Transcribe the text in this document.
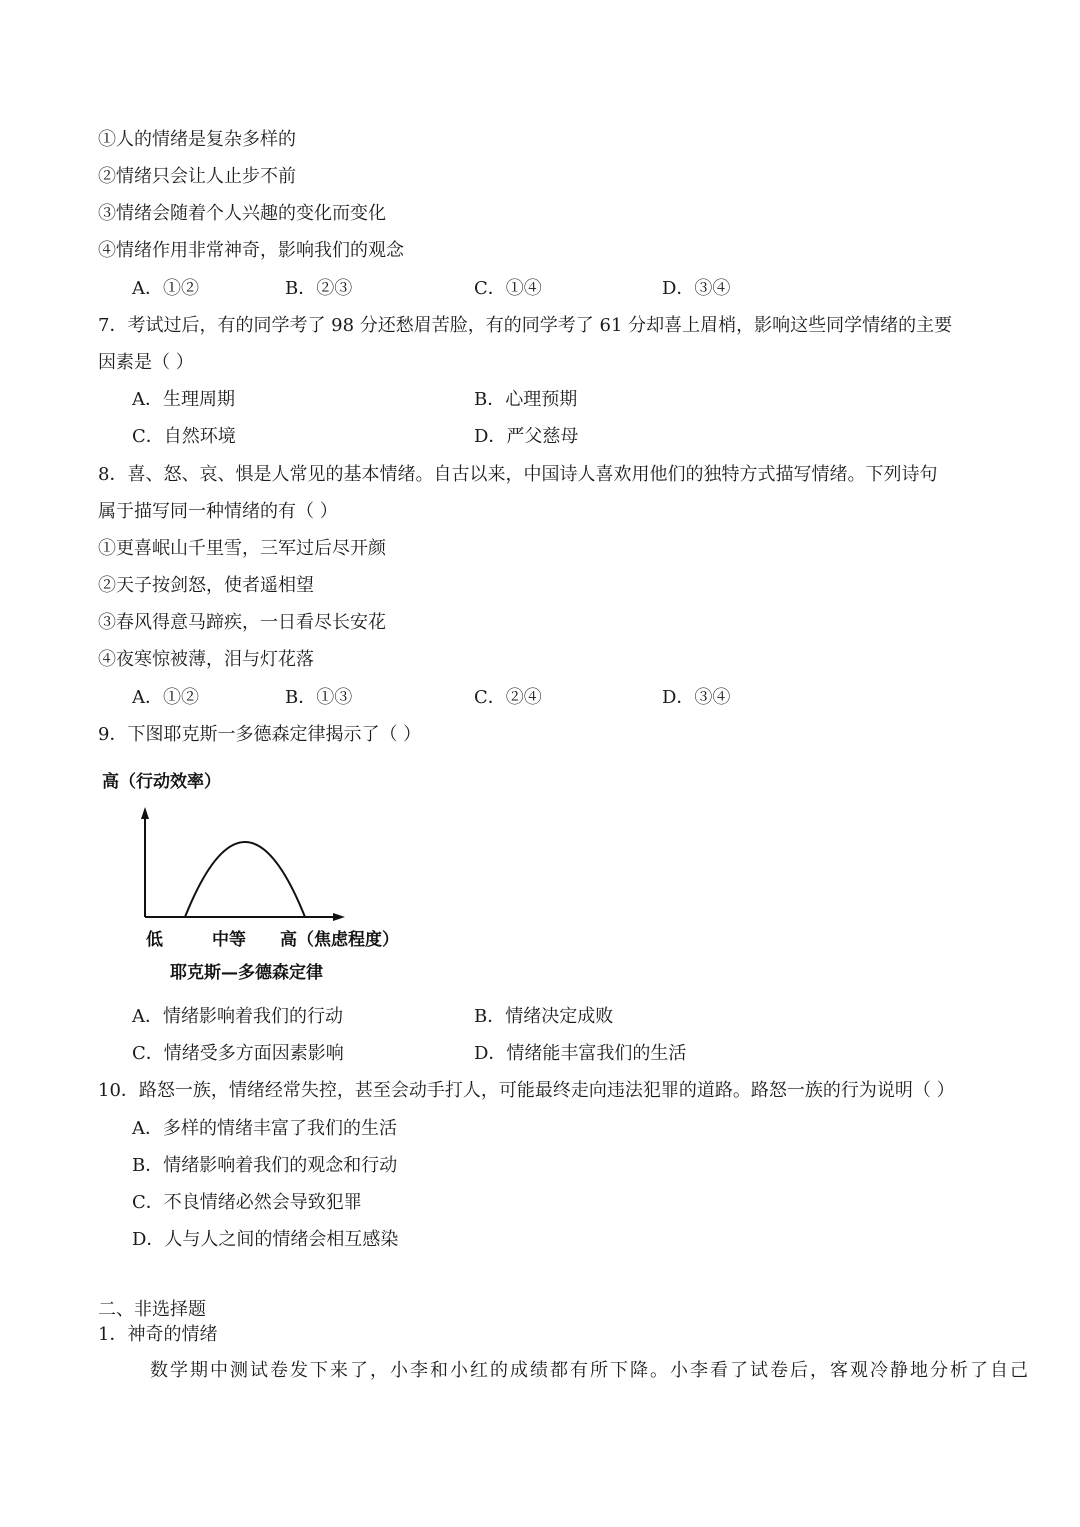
①人的情绪是复杂多样的
②情绪只会让人止步不前
③情绪会随着个人兴趣的变化而变化
④情绪作用非常神奇，影响我们的观念
A．①②	B．②③	C．①④	D．③④
7．考试过后，有的同学考了 98 分还愁眉苦脸，有的同学考了 61 分却喜上眉梢，影响这些同学情绪的主要
因素是（ ）
A．生理周期	B．心理预期
C．自然环境	D．严父慈母
8．喜、怒、哀、惧是人常见的基本情绪。自古以来，中国诗人喜欢用他们的独特方式描写情绪。下列诗句
属于描写同一种情绪的有（ ）
①更喜岷山千里雪，三军过后尽开颜
②天子按剑怒，使者遥相望
③春风得意马蹄疾，一日看尽长安花
④夜寒惊被薄，泪与灯花落
A．①②	B．①③	C．②④	D．③④
9．下图耶克斯一多德森定律揭示了（ ）
高（行动效率）
低	中等 高（焦虑程度）
耶克斯—多德森定律
A．情绪影响着我们的行动	B．情绪决定成败
C．情绪受多方面因素影响	D．情绪能丰富我们的生活
10．路怒一族，情绪经常失控，甚至会动手打人，可能最终走向违法犯罪的道路。路怒一族的行为说明（ ）
A．多样的情绪丰富了我们的生活
B．情绪影响着我们的观念和行动
C．不良情绪必然会导致犯罪
D．人与人之间的情绪会相互感染
二、非选择题
1．神奇的情绪
数学期中测试卷发下来了，小李和小红的成绩都有所下降。小李看了试卷后，客观冷静地分析了自己
